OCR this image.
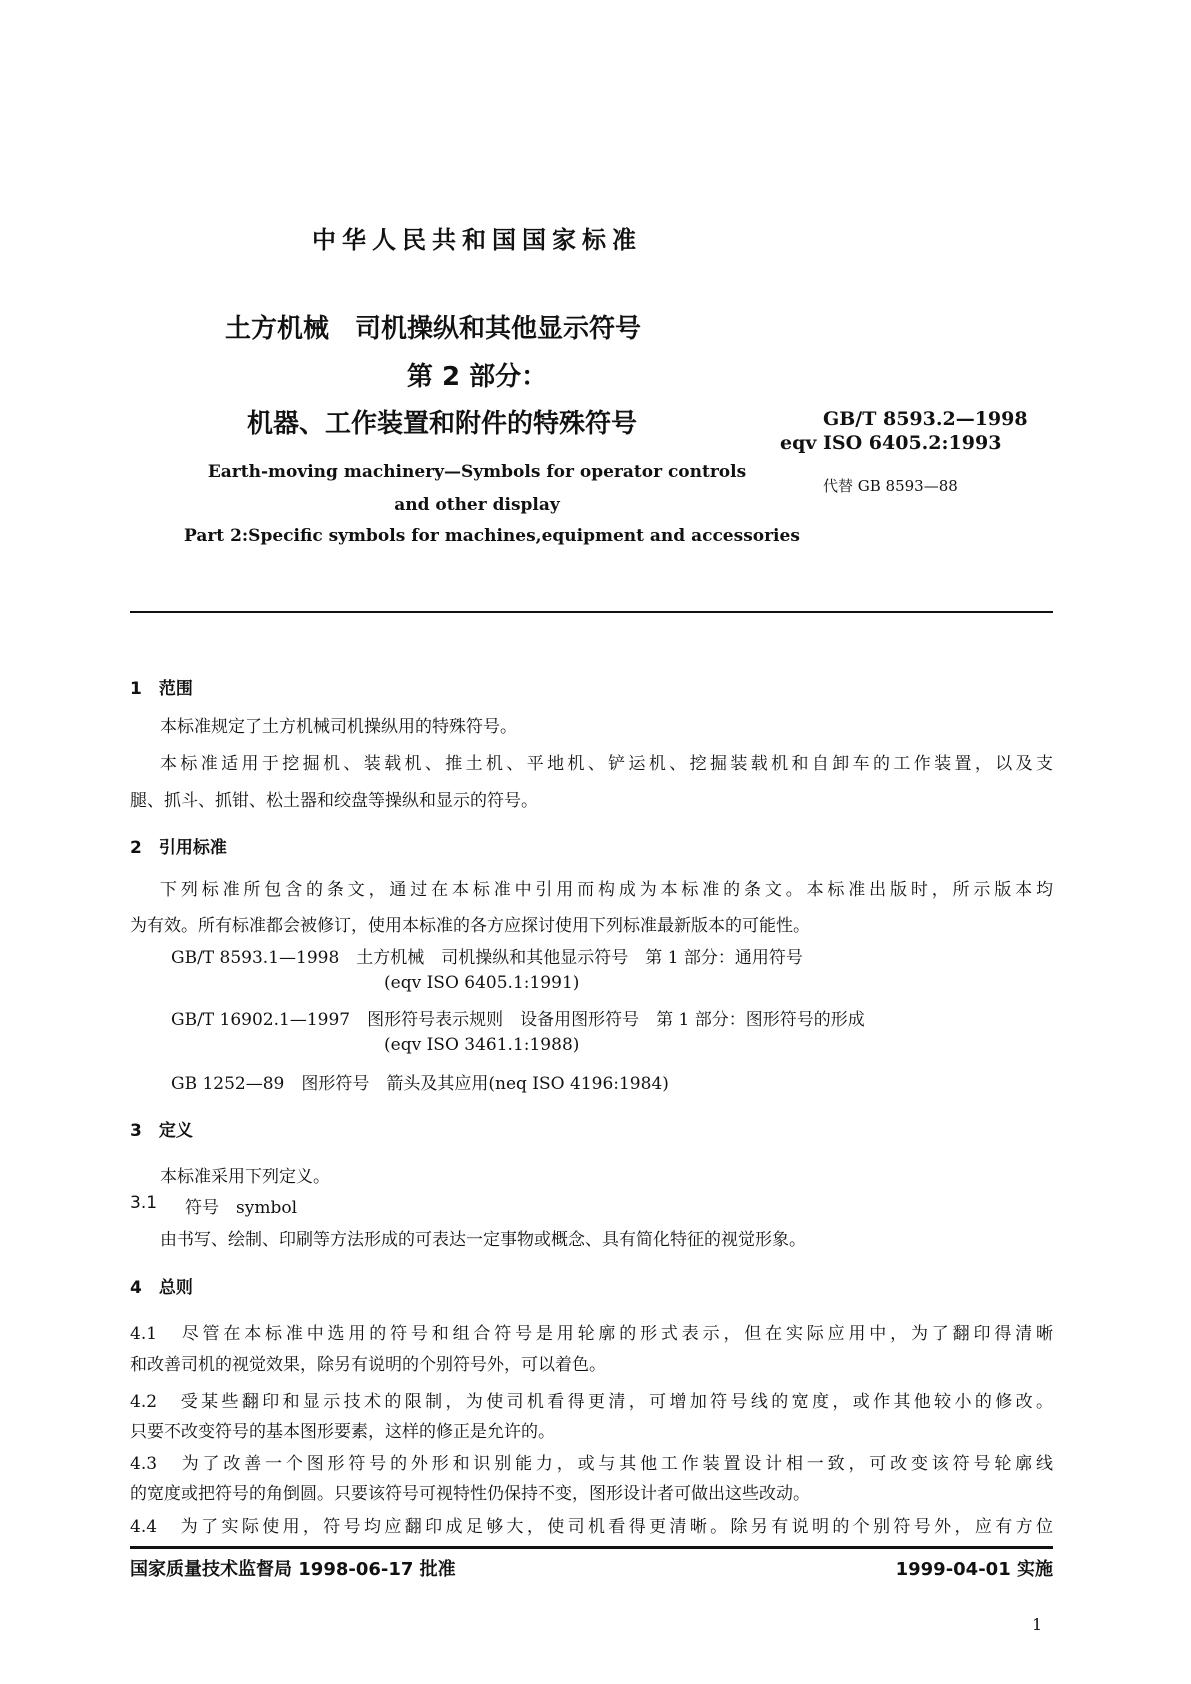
中华人民共和国国家标准
土方机械　司机操纵和其他显示符号
第 2 部分：
机器、工作装置和附件的特殊符号	GB/T 8593.2—1998
eqv ISO 6405.2:1993
代替 GB 8593—88
Earth-moving machinery—Symbols for operator controls
and other display
Part 2:Specific symbols for machines,equipment and accessories
1　范围
本标准规定了土方机械司机操纵用的特殊符号。
本标准适用于挖掘机、装载机、推土机、平地机、铲运机、挖掘装载机和自卸车的工作装置，以及支
腿、抓斗、抓钳、松土器和绞盘等操纵和显示的符号。
2　引用标准
下列标准所包含的条文，通过在本标准中引用而构成为本标准的条文。本标准出版时，所示版本均
为有效。所有标准都会被修订，使用本标准的各方应探讨使用下列标准最新版本的可能性。
GB/T 8593.1—1998　土方机械　司机操纵和其他显示符号　第 1 部分：通用符号
(eqv ISO 6405.1:1991)
GB/T 16902.1—1997　图形符号表示规则　设备用图形符号　第 1 部分：图形符号的形成
(eqv ISO 3461.1:1988)
GB 1252—89　图形符号　箭头及其应用(neq ISO 4196:1984)
3　定义
本标准采用下列定义。
3.1 符号　symbol
由书写、绘制、印刷等方法形成的可表达一定事物或概念、具有简化特征的视觉形象。
4　总则
4.1　尽管在本标准中选用的符号和组合符号是用轮廓的形式表示，但在实际应用中，为了翻印得清晰
和改善司机的视觉效果，除另有说明的个别符号外，可以着色。
4.2　受某些翻印和显示技术的限制，为使司机看得更清，可增加符号线的宽度，或作其他较小的修改。
只要不改变符号的基本图形要素，这样的修正是允许的。
4.3　为了改善一个图形符号的外形和识别能力，或与其他工作装置设计相一致，可改变该符号轮廓线
的宽度或把符号的角倒圆。只要该符号可视特性仍保持不变，图形设计者可做出这些改动。
4.4　为了实际使用，符号均应翻印成足够大，使司机看得更清晰。除另有说明的个别符号外，应有方位
国家质量技术监督局 1998-06-17 批准	1999-04-01 实施
1
